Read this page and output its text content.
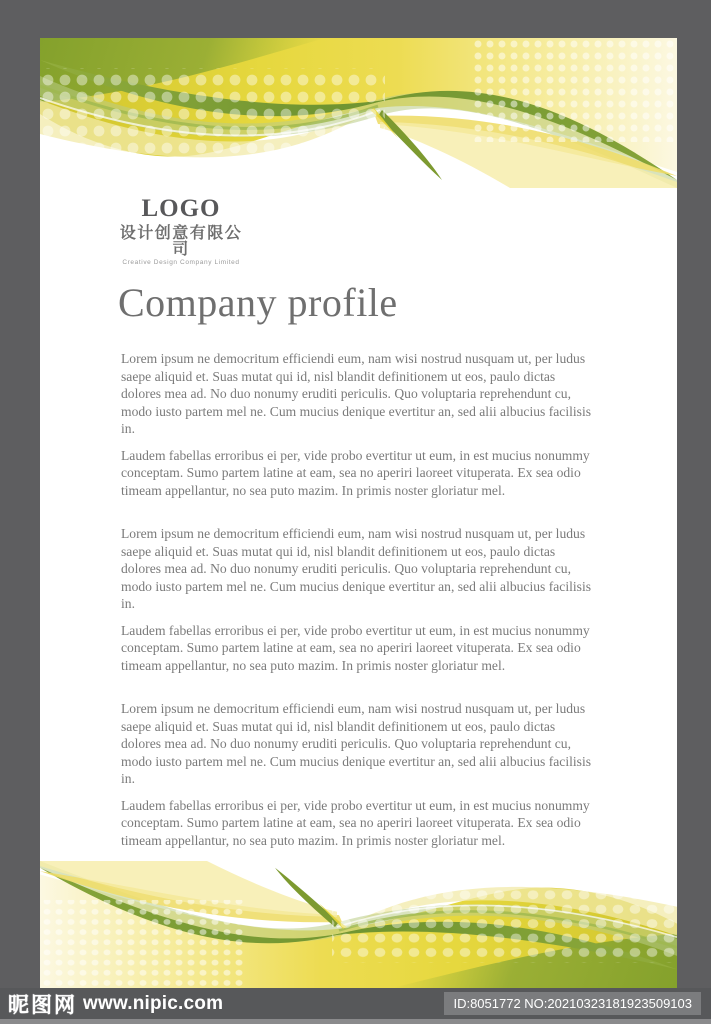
LOGO
设计创意有限公司
Creative Design Company Limited
Company profile

Lorem ipsum ne democritum efficiendi eum, nam wisi nostrud nusquam ut, per ludus saepe aliquid et. Suas mutat qui id, nisl blandit definitionem ut eos, paulo dictas dolores mea ad. No duo nonumy eruditi periculis. Quo voluptaria reprehendunt cu, modo iusto partem mel ne. Cum mucius denique evertitur an, sed alii albucius facilisis in.

Laudem fabellas erroribus ei per, vide probo evertitur ut eum, in est mucius nonummy conceptam. Sumo partem latine at eam, sea no aperiri laoreet vituperata. Ex sea odio timeam appellantur, no sea puto mazim. In primis noster gloriatur mel.

Lorem ipsum ne democritum efficiendi eum, nam wisi nostrud nusquam ut, per ludus saepe aliquid et. Suas mutat qui id, nisl blandit definitionem ut eos, paulo dictas dolores mea ad. No duo nonumy eruditi periculis. Quo voluptaria reprehendunt cu, modo iusto partem mel ne. Cum mucius denique evertitur an, sed alii albucius facilisis in.

Laudem fabellas erroribus ei per, vide probo evertitur ut eum, in est mucius nonummy conceptam. Sumo partem latine at eam, sea no aperiri laoreet vituperata. Ex sea odio timeam appellantur, no sea puto mazim. In primis noster gloriatur mel.

Lorem ipsum ne democritum efficiendi eum, nam wisi nostrud nusquam ut, per ludus saepe aliquid et. Suas mutat qui id, nisl blandit definitionem ut eos, paulo dictas dolores mea ad. No duo nonumy eruditi periculis. Quo voluptaria reprehendunt cu, modo iusto partem mel ne. Cum mucius denique evertitur an, sed alii albucius facilisis in.

Laudem fabellas erroribus ei per, vide probo evertitur ut eum, in est mucius nonummy conceptam. Sumo partem latine at eam, sea no aperiri laoreet vituperata. Ex sea odio timeam appellantur, no sea puto mazim. In primis noster gloriatur mel.

昵图网 www.nipic.com	ID:8051772 NO:20210323181923509103
